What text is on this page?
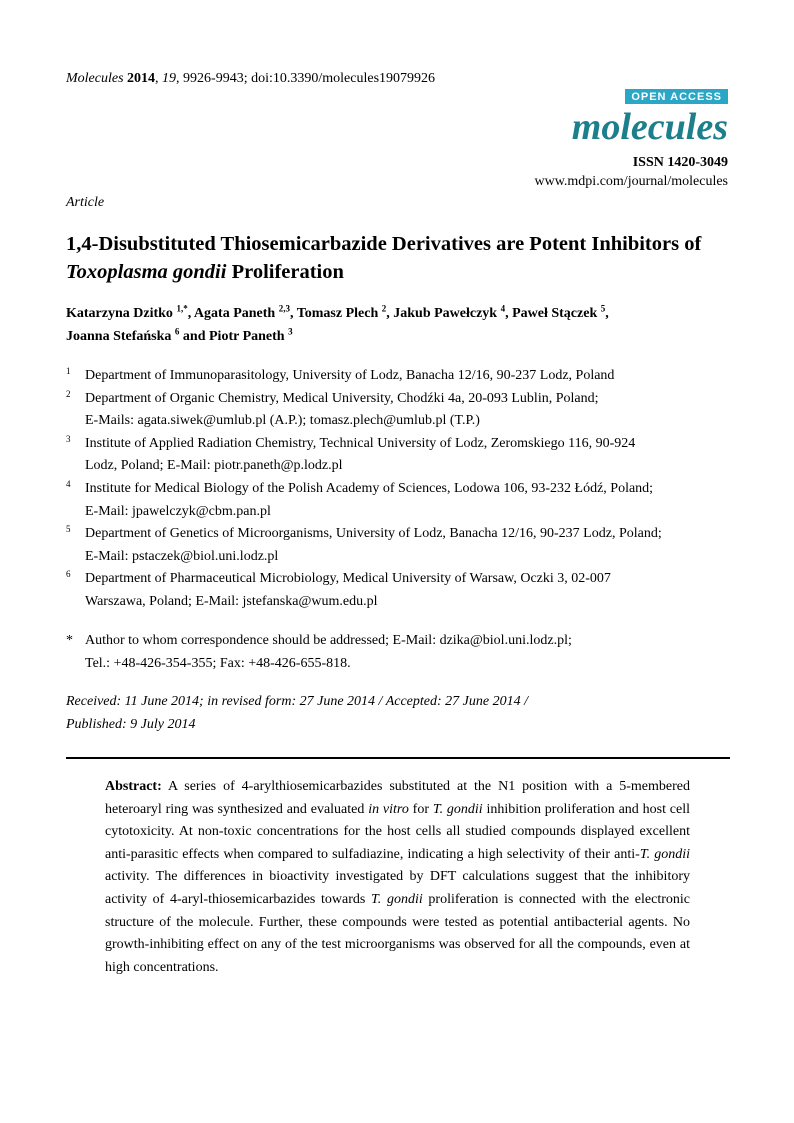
Molecules 2014, 19, 9926-9943; doi:10.3390/molecules19079926
OPEN ACCESS
molecules
ISSN 1420-3049
www.mdpi.com/journal/molecules
Article
1,4-Disubstituted Thiosemicarbazide Derivatives are Potent Inhibitors of Toxoplasma gondii Proliferation
Katarzyna Dzitko $^{1,*}$, Agata Paneth $^{2,3}$, Tomasz Plech $^2$, Jakub Pawełczyk $^4$, Paweł Stączek $^5$,
Joanna Stefańska $^6$ and Piotr Paneth $^3$
1 Department of Immunoparasitology, University of Lodz, Banacha 12/16, 90-237 Lodz, Poland
2 Department of Organic Chemistry, Medical University, Chodźki 4a, 20-093 Lublin, Poland;
E-Mails: agata.siwek@umlub.pl (A.P.); tomasz.plech@umlub.pl (T.P.)
3 Institute of Applied Radiation Chemistry, Technical University of Lodz, Zeromskiego 116, 90-924
Lodz, Poland; E-Mail: piotr.paneth@p.lodz.pl
4 Institute for Medical Biology of the Polish Academy of Sciences, Lodowa 106, 93-232 Łódź, Poland;
E-Mail: jpawelczyk@cbm.pan.pl
5 Department of Genetics of Microorganisms, University of Lodz, Banacha 12/16, 90-237 Lodz, Poland;
E-Mail: pstaczek@biol.uni.lodz.pl
6 Department of Pharmaceutical Microbiology, Medical University of Warsaw, Oczki 3, 02-007
Warszawa, Poland; E-Mail: jstefanska@wum.edu.pl
* Author to whom correspondence should be addressed; E-Mail: dzika@biol.uni.lodz.pl;
Tel.: +48-426-354-355; Fax: +48-426-655-818.
Received: 11 June 2014; in revised form: 27 June 2014 / Accepted: 27 June 2014 /
Published: 9 July 2014
Abstract: A series of 4-arylthiosemicarbazides substituted at the N1 position with a 5-membered heteroaryl ring was synthesized and evaluated in vitro for T. gondii inhibition proliferation and host cell cytotoxicity. At non-toxic concentrations for the host cells all studied compounds displayed excellent anti-parasitic effects when compared to sulfadiazine, indicating a high selectivity of their anti-T. gondii activity. The differences in bioactivity investigated by DFT calculations suggest that the inhibitory activity of 4-aryl-thiosemicarbazides towards T. gondii proliferation is connected with the electronic structure of the molecule. Further, these compounds were tested as potential antibacterial agents. No growth-inhibiting effect on any of the test microorganisms was observed for all the compounds, even at high concentrations.
